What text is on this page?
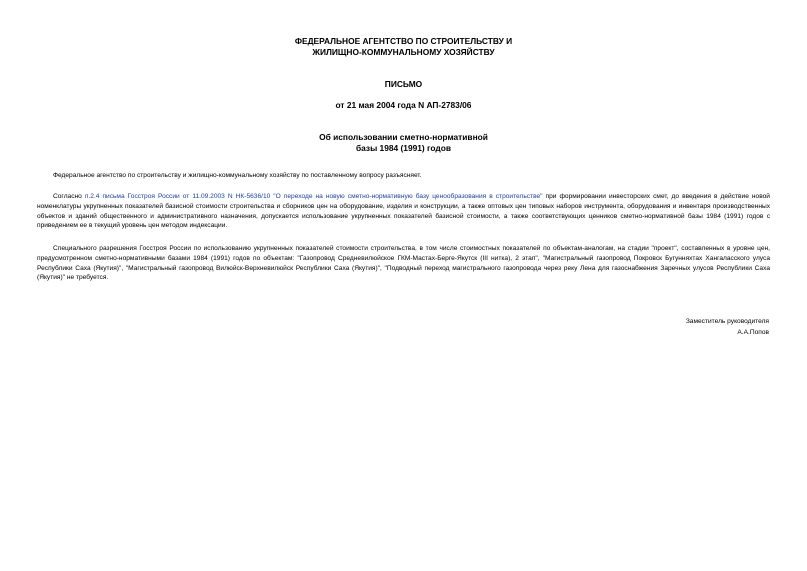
ФЕДЕРАЛЬНОЕ АГЕНТСТВО ПО СТРОИТЕЛЬСТВУ И
ЖИЛИЩНО-КОММУНАЛЬНОМУ ХОЗЯЙСТВУ
ПИСЬМО
от 21 мая 2004 года N АП-2783/06
Об использовании сметно-нормативной
базы 1984 (1991) годов

Федеральное агентство по строительству и жилищно-коммунальному хозяйству по поставленному вопросу разъясняет.

Согласно п.2.4 письма Госстроя России от 11.09.2003 N НК-5636/10 "О переходе на новую сметно-нормативную базу ценообразования в строительстве" при формировании инвесторских смет, до введения в действие новой номенклатуры укрупненных показателей базисной стоимости строительства и сборников цен на оборудование, изделия и конструкции, а также оптовых цен типовых наборов инструмента, оборудования и инвентаря производственных объектов и зданий общественного и административного назначения, допускается использование укрупненных показателей базисной стоимости, а также соответствующих ценников сметно-нормативной базы 1984 (1991) годов с приведением ее в текущий уровень цен методом индексации.

Специального разрешения Госстроя России по использованию укрупненных показателей стоимости строительства, в том числе стоимостных показателей по объектам-аналогам, на стадии "проект", составленных в уровне цен, предусмотренном сметно-нормативными базами 1984 (1991) годов по объектам: "Газопровод Средневилюйское ГКМ-Мастах-Берге-Якутск (III нитка), 2 этап", "Магистральный газопровод Покровск Бугунняхтах Хангаласского улуса Республики Саха (Якутия)", "Магистральный газопровод Вилюйск-Верхневилюйск Республики Саха (Якутия)", "Подводный переход магистрального газопровода через реку Лена для газоснабжения Заречных улусов Республики Саха (Якутия)" не требуется.

Заместитель руководителя
А.А.Попов
